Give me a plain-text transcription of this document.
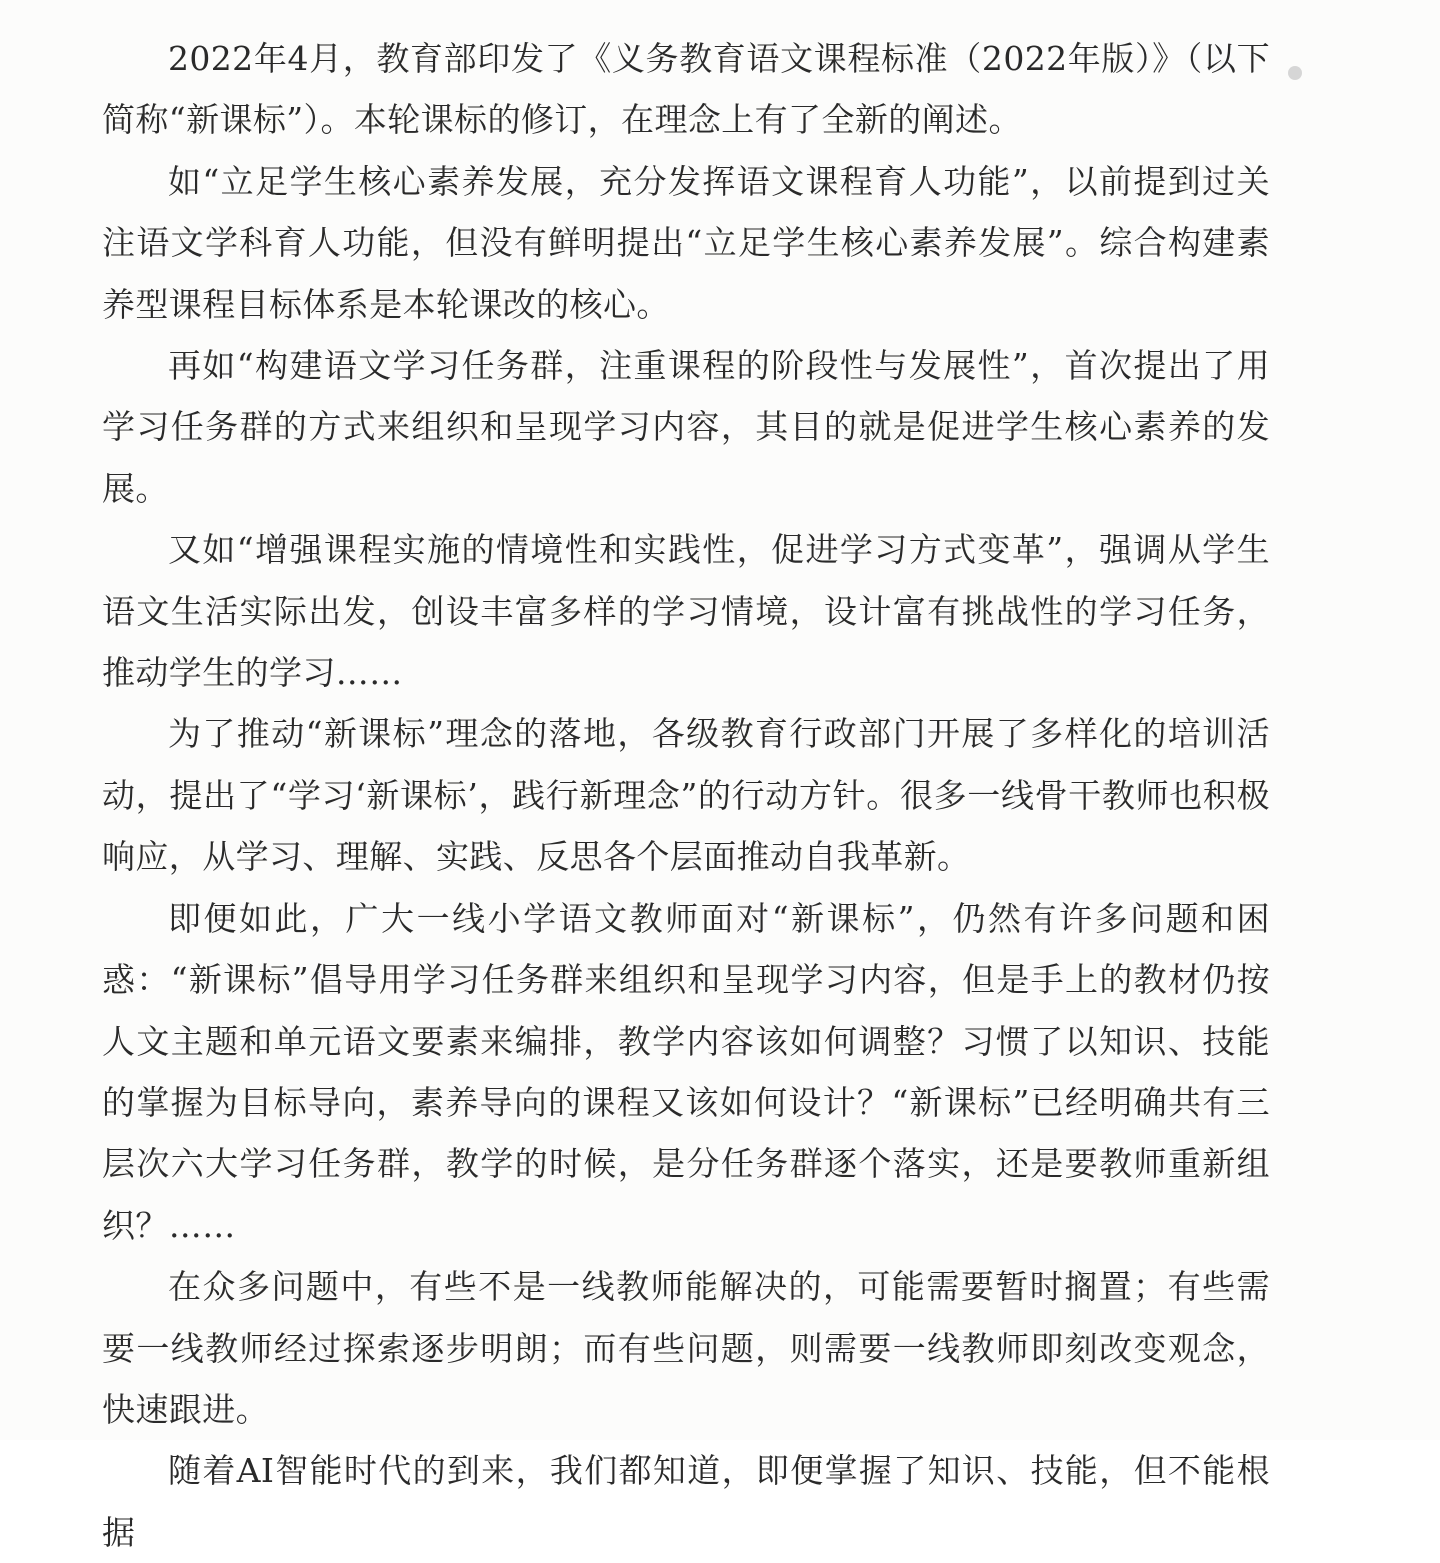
2022年4月，教育部印发了《义务教育语文课程标准（2022年版）》（以下简称“新课标”）。本轮课标的修订，在理念上有了全新的阐述。

如“立足学生核心素养发展，充分发挥语文课程育人功能”，以前提到过关注语文学科育人功能，但没有鲜明提出“立足学生核心素养发展”。综合构建素养型课程目标体系是本轮课改的核心。

再如“构建语文学习任务群，注重课程的阶段性与发展性”，首次提出了用学习任务群的方式来组织和呈现学习内容，其目的就是促进学生核心素养的发展。

又如“增强课程实施的情境性和实践性，促进学习方式变革”，强调从学生语文生活实际出发，创设丰富多样的学习情境，设计富有挑战性的学习任务，推动学生的学习……

为了推动“新课标”理念的落地，各级教育行政部门开展了多样化的培训活动，提出了“学习‘新课标’，践行新理念”的行动方针。很多一线骨干教师也积极响应，从学习、理解、实践、反思各个层面推动自我革新。

即便如此，广大一线小学语文教师面对“新课标”，仍然有许多问题和困惑：“新课标”倡导用学习任务群来组织和呈现学习内容，但是手上的教材仍按人文主题和单元语文要素来编排，教学内容该如何调整？习惯了以知识、技能的掌握为目标导向，素养导向的课程又该如何设计？“新课标”已经明确共有三层次六大学习任务群，教学的时候，是分任务群逐个落实，还是要教师重新组织？……

在众多问题中，有些不是一线教师能解决的，可能需要暂时搁置；有些需要一线教师经过探索逐步明朗；而有些问题，则需要一线教师即刻改变观念，快速跟进。

随着AI智能时代的到来，我们都知道，即便掌握了知识、技能，但不能根据
